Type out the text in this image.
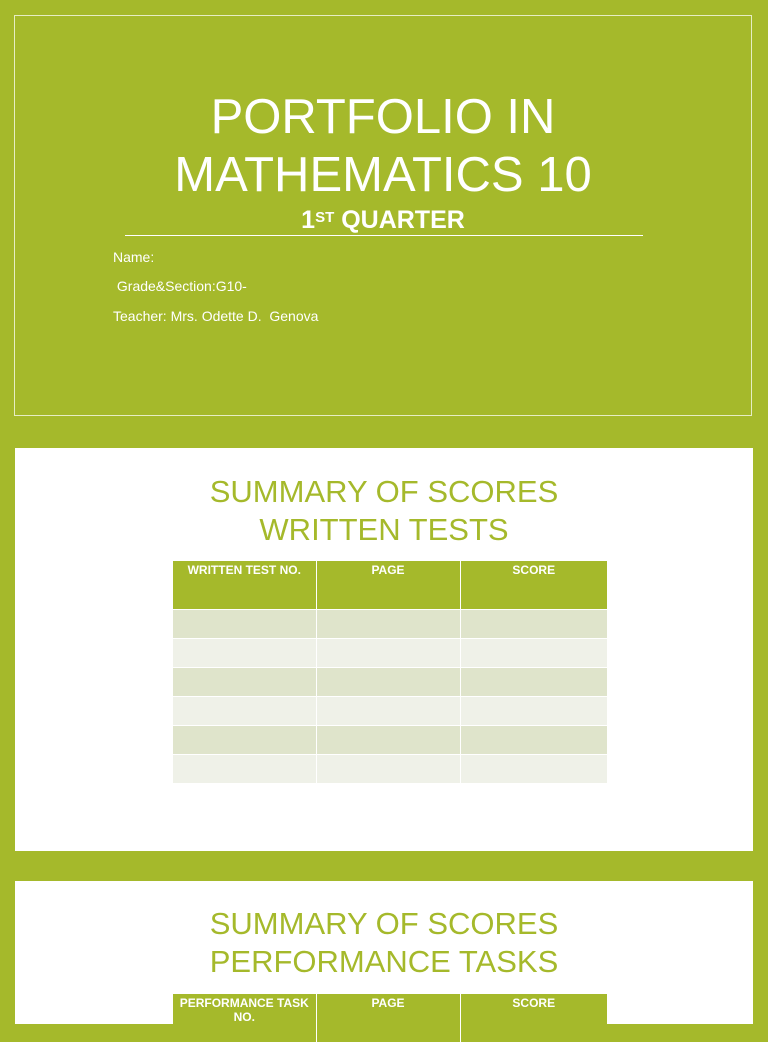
PORTFOLIO IN
MATHEMATICS 10
1ST QUARTER
Name:
Grade&Section:G10-
Teacher: Mrs. Odette D.  Genova
SUMMARY OF SCORES
WRITTEN TESTS
WRITTEN TEST NO.	PAGE	SCORE

SUMMARY OF SCORES
PERFORMANCE TASKS
PERFORMANCE TASK NO.	PAGE	SCORE
